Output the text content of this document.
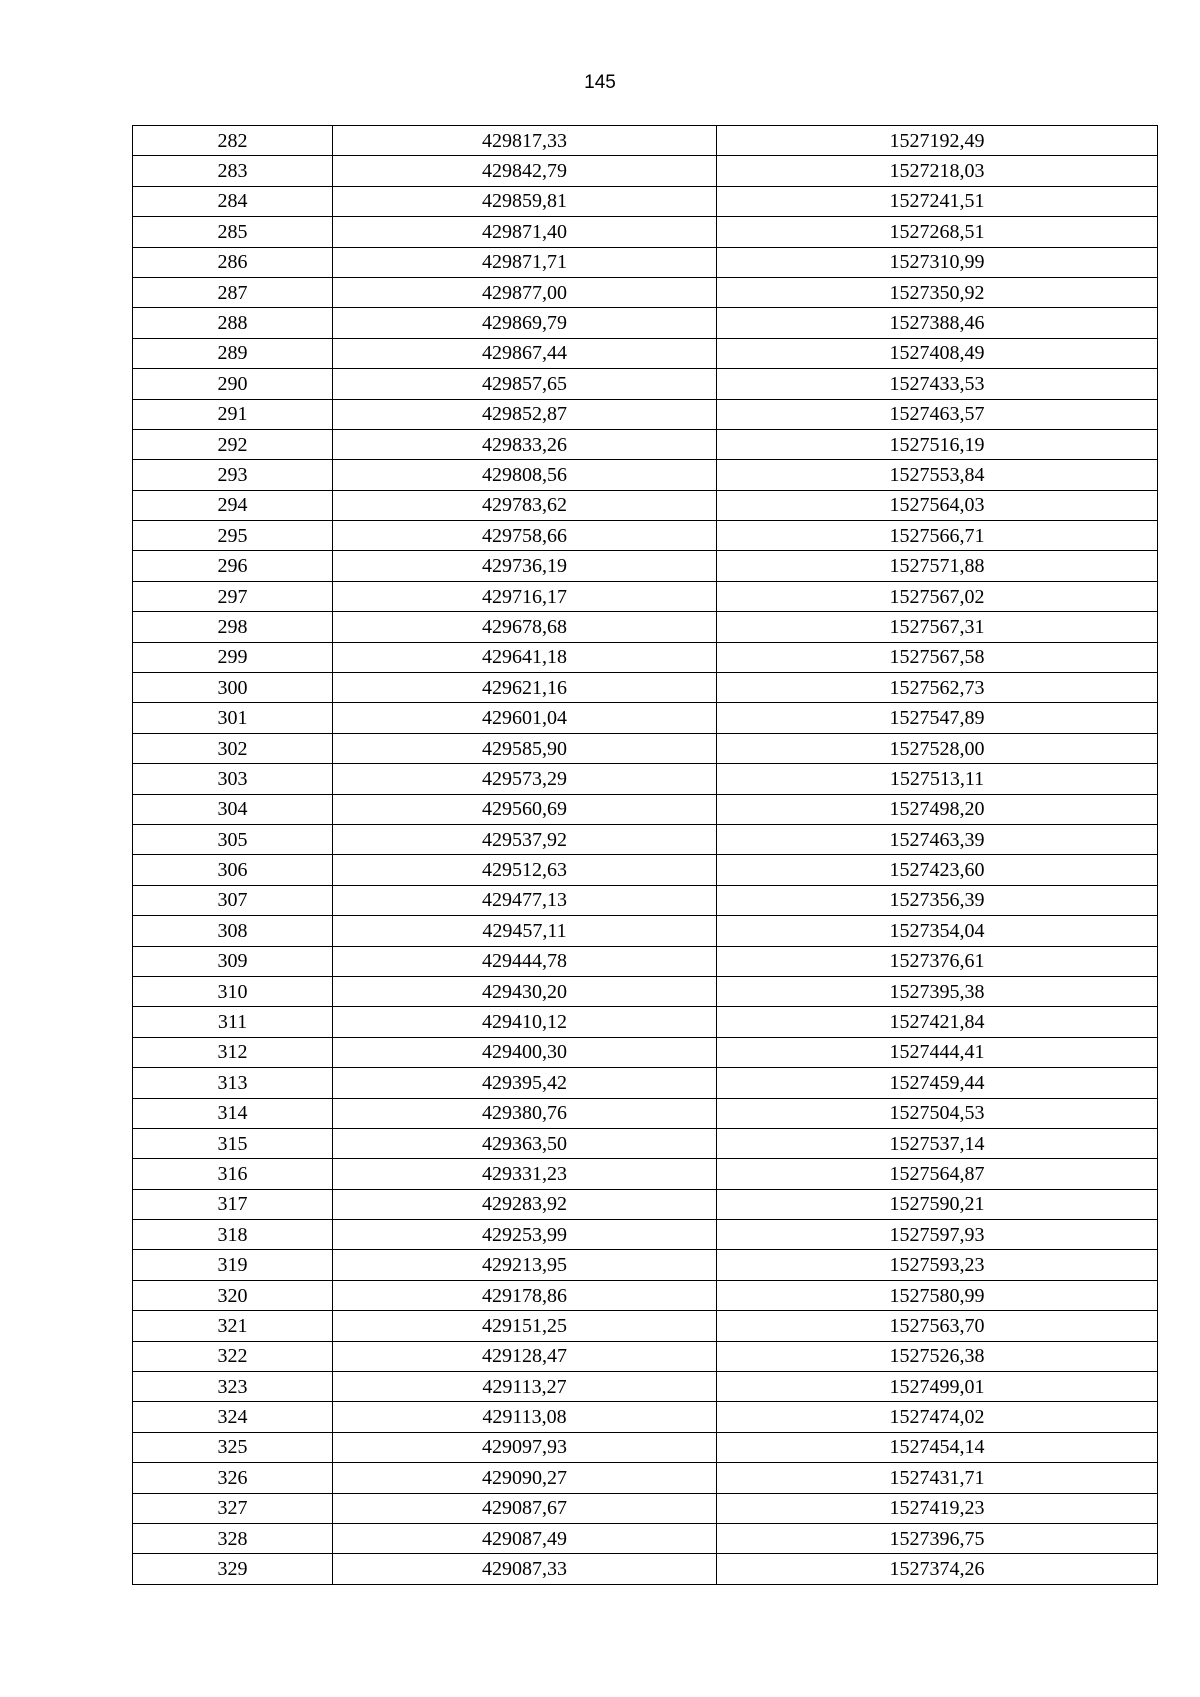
145
282	429817,33	1527192,49
283	429842,79	1527218,03
284	429859,81	1527241,51
285	429871,40	1527268,51
286	429871,71	1527310,99
287	429877,00	1527350,92
288	429869,79	1527388,46
289	429867,44	1527408,49
290	429857,65	1527433,53
291	429852,87	1527463,57
292	429833,26	1527516,19
293	429808,56	1527553,84
294	429783,62	1527564,03
295	429758,66	1527566,71
296	429736,19	1527571,88
297	429716,17	1527567,02
298	429678,68	1527567,31
299	429641,18	1527567,58
300	429621,16	1527562,73
301	429601,04	1527547,89
302	429585,90	1527528,00
303	429573,29	1527513,11
304	429560,69	1527498,20
305	429537,92	1527463,39
306	429512,63	1527423,60
307	429477,13	1527356,39
308	429457,11	1527354,04
309	429444,78	1527376,61
310	429430,20	1527395,38
311	429410,12	1527421,84
312	429400,30	1527444,41
313	429395,42	1527459,44
314	429380,76	1527504,53
315	429363,50	1527537,14
316	429331,23	1527564,87
317	429283,92	1527590,21
318	429253,99	1527597,93
319	429213,95	1527593,23
320	429178,86	1527580,99
321	429151,25	1527563,70
322	429128,47	1527526,38
323	429113,27	1527499,01
324	429113,08	1527474,02
325	429097,93	1527454,14
326	429090,27	1527431,71
327	429087,67	1527419,23
328	429087,49	1527396,75
329	429087,33	1527374,26
